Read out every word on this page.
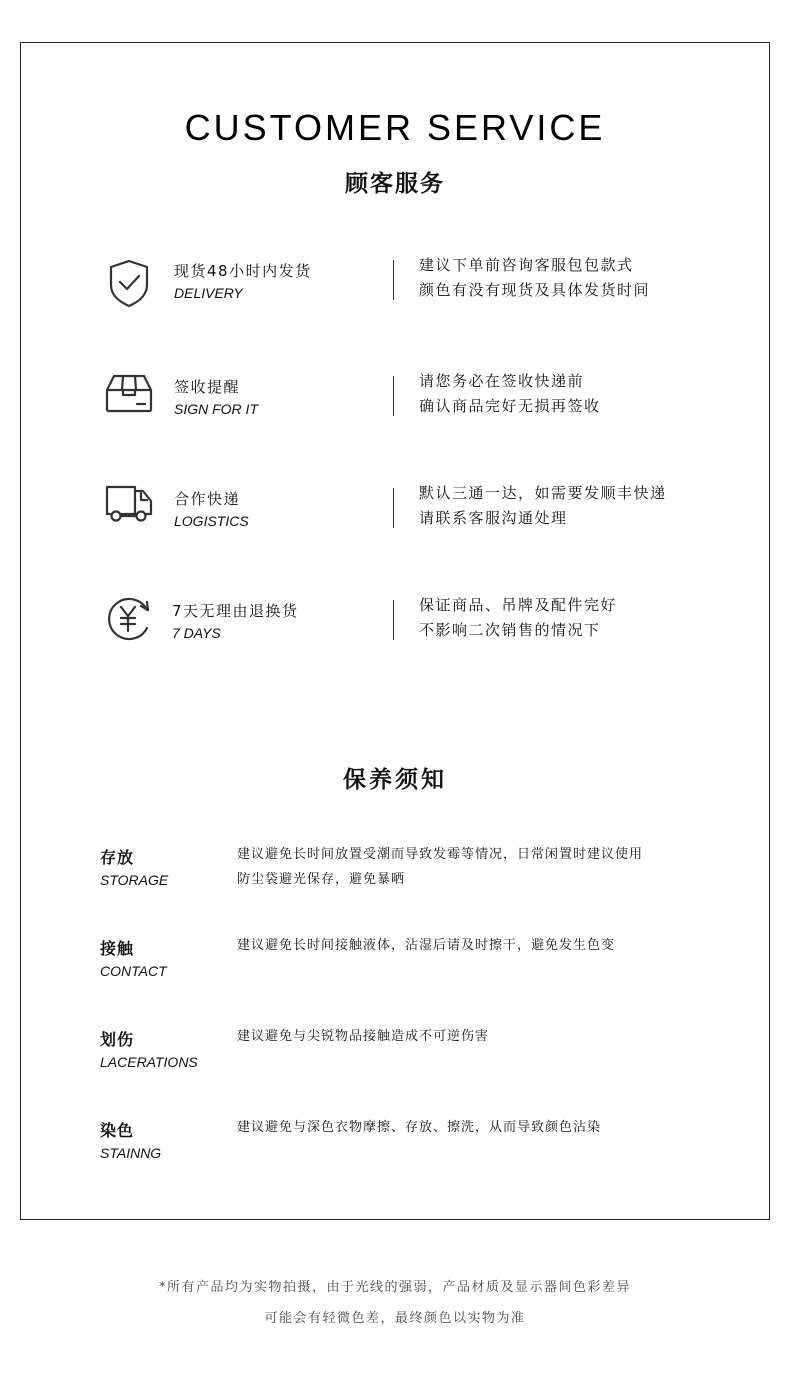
CUSTOMER SERVICE
顾客服务
现货48小时内发货
DELIVERY
建议下单前咨询客服包包款式
颜色有没有现货及具体发货时间
签收提醒
SIGN FOR IT
请您务必在签收快递前
确认商品完好无损再签收
合作快递
LOGISTICS
默认三通一达，如需要发顺丰快递
请联系客服沟通处理
7天无理由退换货
7 DAYS
保证商品、吊牌及配件完好
不影响二次销售的情况下
保养须知
存放
STORAGE
建议避免长时间放置受潮而导致发霉等情况，日常闲置时建议使用
防尘袋避光保存，避免暴晒
接触
CONTACT
建议避免长时间接触液体，沾湿后请及时擦干，避免发生色变
划伤
LACERATIONS
建议避免与尖锐物品接触造成不可逆伤害
染色
STAINNG
建议避免与深色衣物摩擦、存放、擦洗，从而导致颜色沾染
*所有产品均为实物拍摄，由于光线的强弱，产品材质及显示器间色彩差异
可能会有轻微色差，最终颜色以实物为准
